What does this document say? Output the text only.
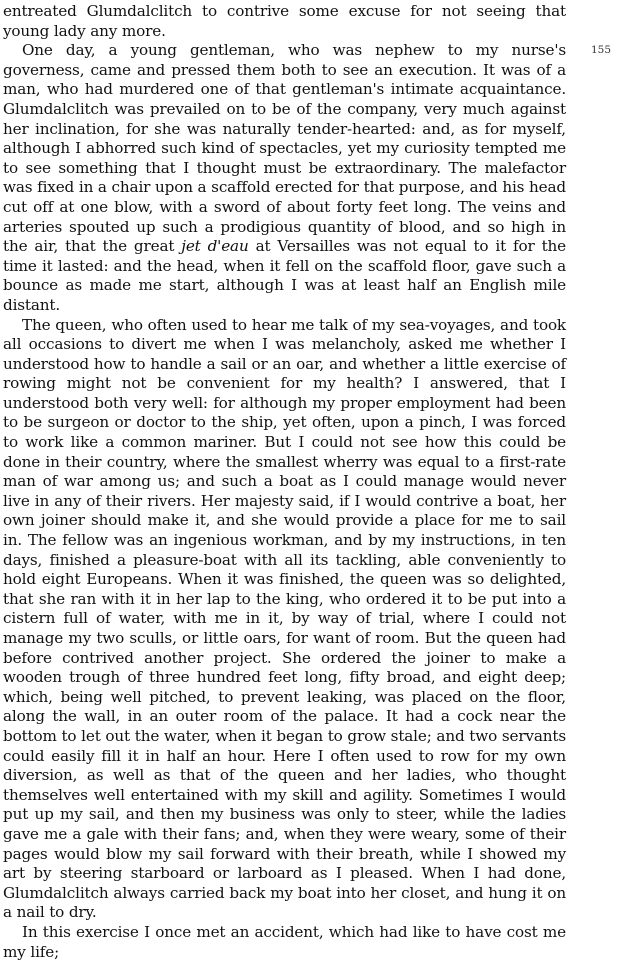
entreated Glumdalclitch to contrive some excuse for not seeing that young lady any more.

One day, a young gentleman, who was nephew to my nurse's governess, came and pressed them both to see an execution. It was of a man, who had murdered one of that gentleman's intimate acquaintance. Glumdalclitch was prevailed on to be of the company, very much against her inclination, for she was naturally tender-hearted: and, as for myself, although I abhorred such kind of spectacles, yet my curiosity tempted me to see something that I thought must be extraordinary. The malefactor was fixed in a chair upon a scaffold erected for that purpose, and his head cut off at one blow, with a sword of about forty feet long. The veins and arteries spouted up such a prodigious quantity of blood, and so high in the air, that the great jet d'eau at Versailles was not equal to it for the time it lasted: and the head, when it fell on the scaffold floor, gave such a bounce as made me start, although I was at least half an English mile distant.

The queen, who often used to hear me talk of my sea-voyages, and took all occasions to divert me when I was melancholy, asked me whether I understood how to handle a sail or an oar, and whether a little exercise of rowing might not be convenient for my health? I answered, that I understood both very well: for although my proper employment had been to be surgeon or doctor to the ship, yet often, upon a pinch, I was forced to work like a common mariner. But I could not see how this could be done in their country, where the smallest wherry was equal to a first-rate man of war among us; and such a boat as I could manage would never live in any of their rivers. Her majesty said, if I would contrive a boat, her own joiner should make it, and she would provide a place for me to sail in. The fellow was an ingenious workman, and by my instructions, in ten days, finished a pleasure-boat with all its tackling, able conveniently to hold eight Europeans. When it was finished, the queen was so delighted, that she ran with it in her lap to the king, who ordered it to be put into a cistern full of water, with me in it, by way of trial, where I could not manage my two sculls, or little oars, for want of room. But the queen had before contrived another project. She ordered the joiner to make a wooden trough of three hundred feet long, fifty broad, and eight deep; which, being well pitched, to prevent leaking, was placed on the floor, along the wall, in an outer room of the palace. It had a cock near the bottom to let out the water, when it began to grow stale; and two servants could easily fill it in half an hour. Here I often used to row for my own diversion, as well as that of the queen and her ladies, who thought themselves well entertained with my skill and agility. Sometimes I would put up my sail, and then my business was only to steer, while the ladies gave me a gale with their fans; and, when they were weary, some of their pages would blow my sail forward with their breath, while I showed my art by steering starboard or larboard as I pleased. When I had done, Glumdalclitch always carried back my boat into her closet, and hung it on a nail to dry.

In this exercise I once met an accident, which had like to have cost me my life;

155
